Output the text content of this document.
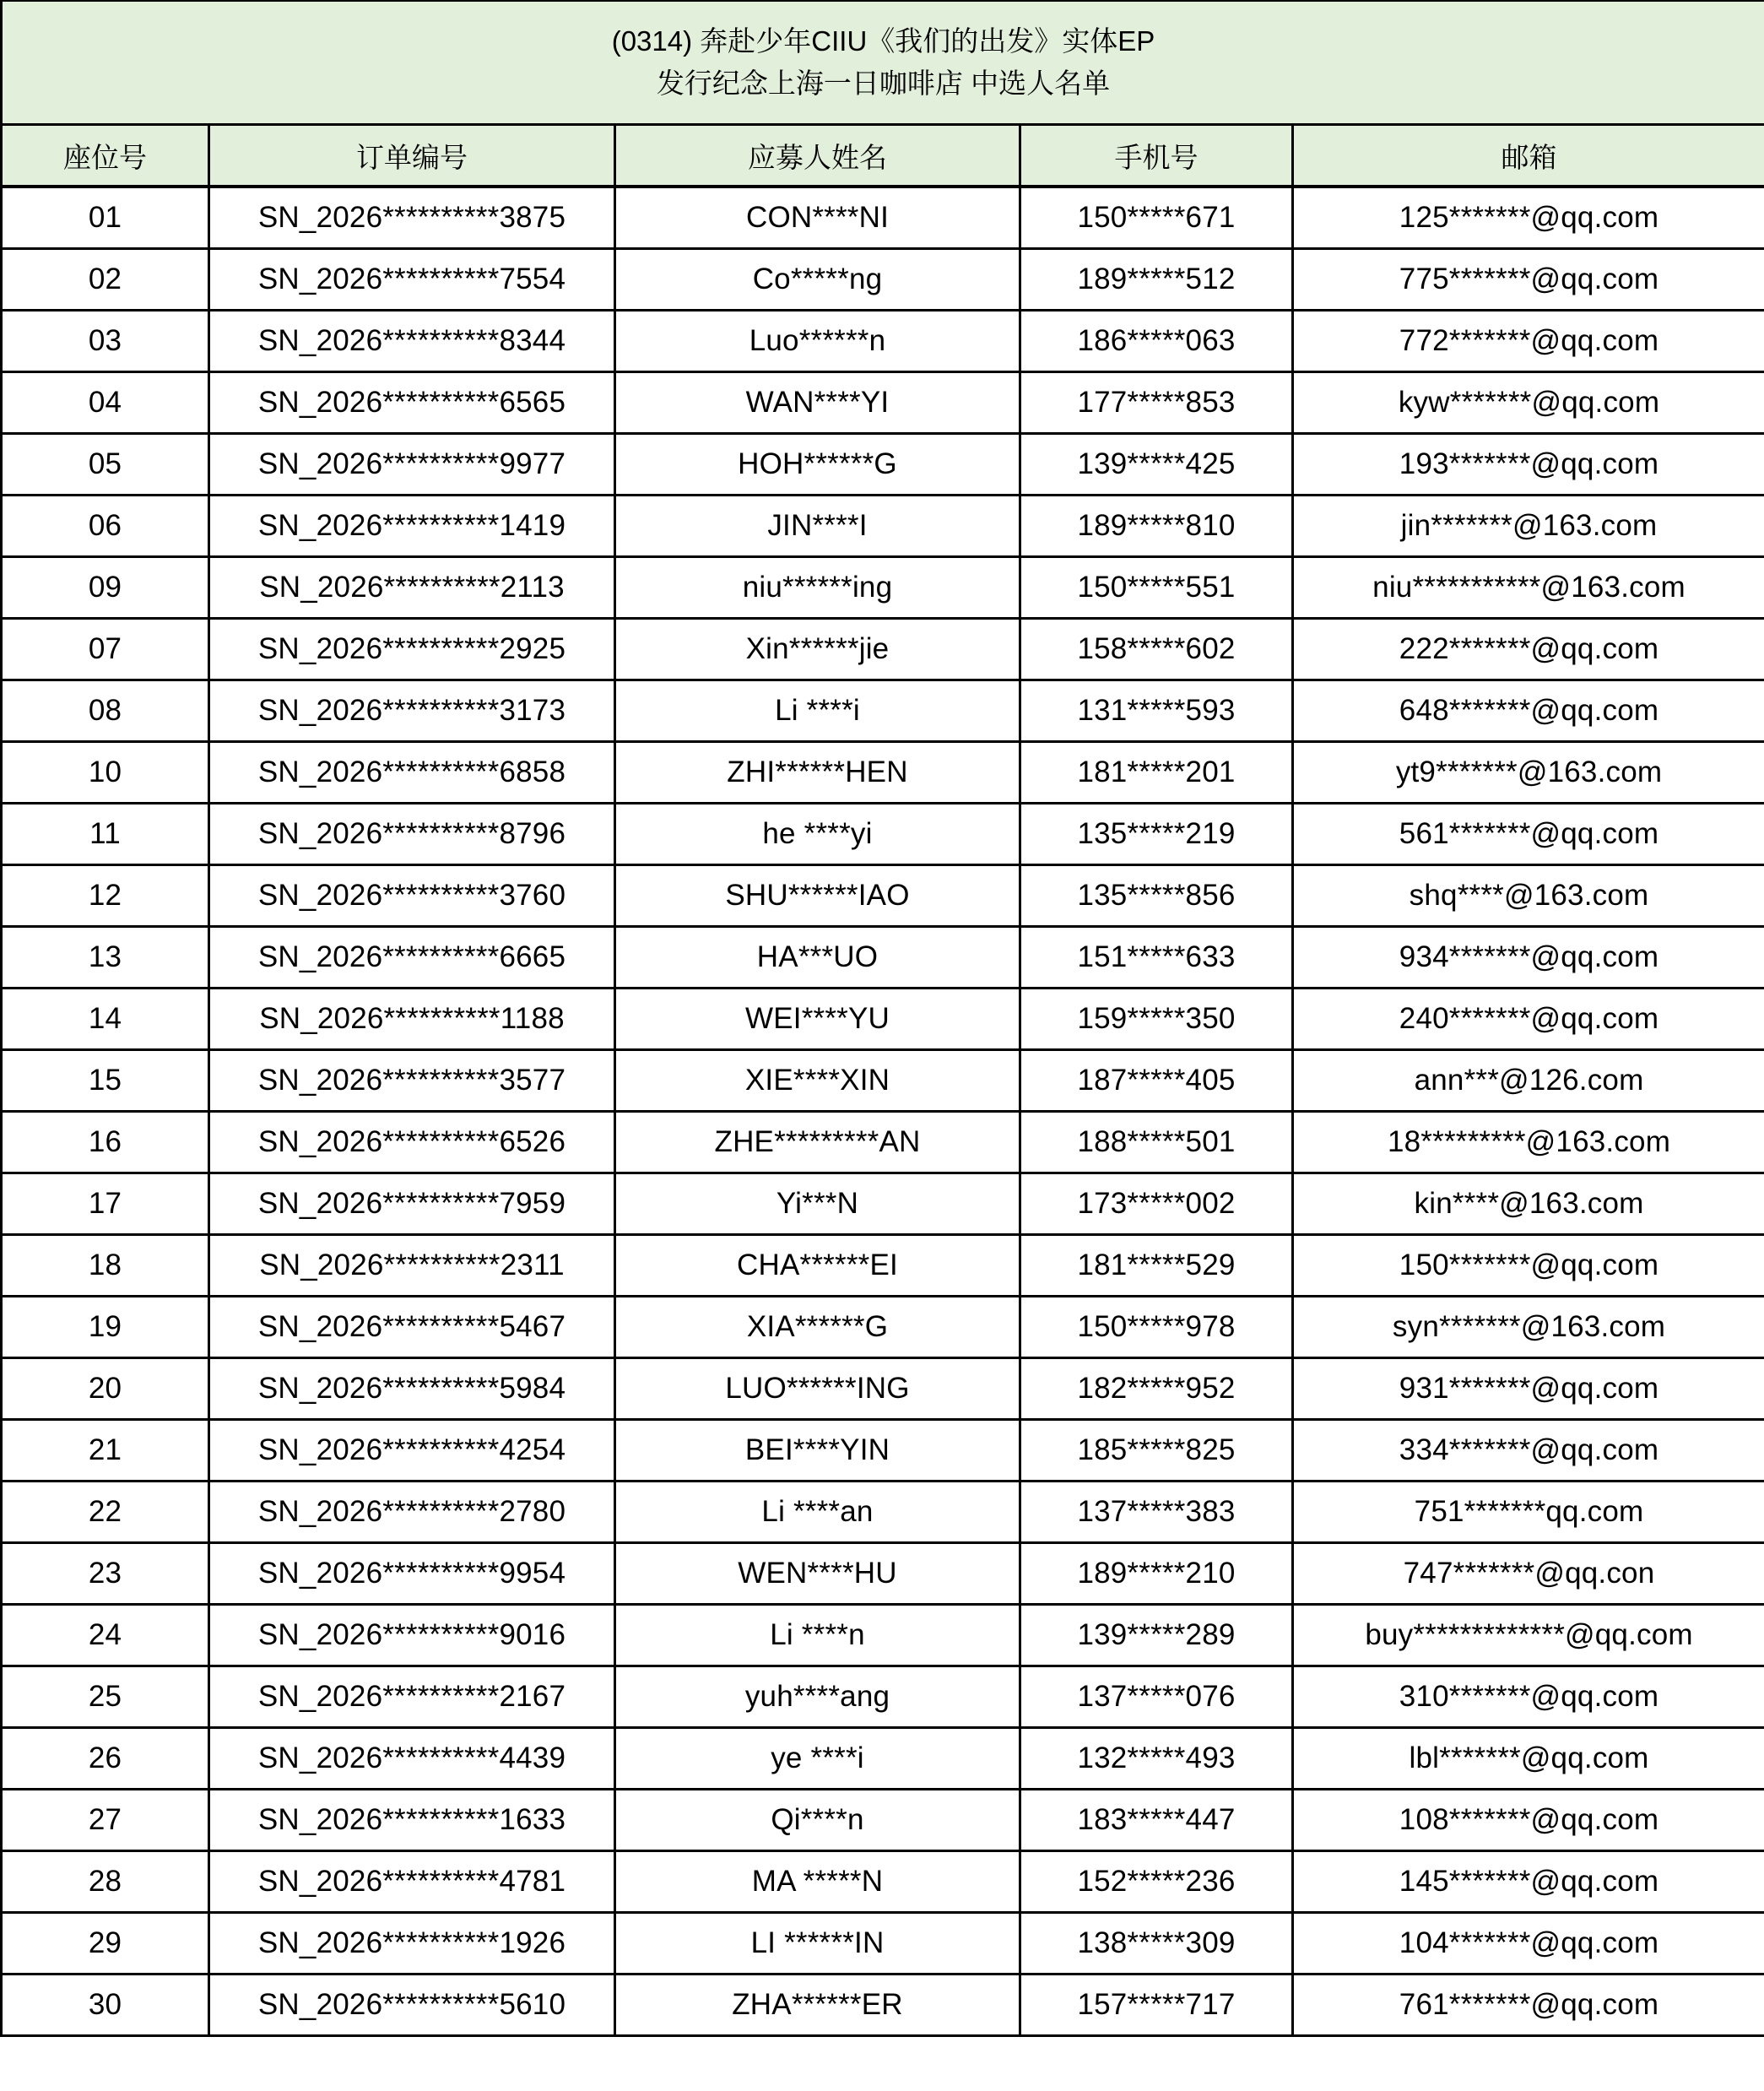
(0314) 奔赴少年CIIU《我们的出发》实体EP
发行纪念上海一日咖啡店 中选人名单				

座位号	订单编号	应募人姓名	手机号	邮箱
01	SN_2026**********3875	CON****NI	150*****671	125*******@qq.com
02	SN_2026**********7554	Co*****ng	189*****512	775*******@qq.com
03	SN_2026**********8344	Luo******n	186*****063	772*******@qq.com
04	SN_2026**********6565	WAN****YI	177*****853	kyw*******@qq.com
05	SN_2026**********9977	HOH******G	139*****425	193*******@qq.com
06	SN_2026**********1419	JIN****I	189*****810	jin*******@163.com
09	SN_2026**********2113	niu******ing	150*****551	niu***********@163.com
07	SN_2026**********2925	Xin******jie	158*****602	222*******@qq.com
08	SN_2026**********3173	Li ****i	131*****593	648*******@qq.com
10	SN_2026**********6858	ZHI******HEN	181*****201	yt9*******@163.com
11	SN_2026**********8796	he ****yi	135*****219	561*******@qq.com
12	SN_2026**********3760	SHU******IAO	135*****856	shq****@163.com
13	SN_2026**********6665	HA***UO	151*****633	934*******@qq.com
14	SN_2026**********1188	WEI****YU	159*****350	240*******@qq.com
15	SN_2026**********3577	XIE****XIN	187*****405	ann***@126.com
16	SN_2026**********6526	ZHE*********AN	188*****501	18*********@163.com
17	SN_2026**********7959	Yi***N	173*****002	kin****@163.com
18	SN_2026**********2311	CHA******EI	181*****529	150*******@qq.com
19	SN_2026**********5467	XIA******G	150*****978	syn*******@163.com
20	SN_2026**********5984	LUO******ING	182*****952	931*******@qq.com
21	SN_2026**********4254	BEI****YIN	185*****825	334*******@qq.com
22	SN_2026**********2780	Li ****an	137*****383	751*******qq.com
23	SN_2026**********9954	WEN****HU	189*****210	747*******@qq.con
24	SN_2026**********9016	Li ****n	139*****289	buy*************@qq.com
25	SN_2026**********2167	yuh****ang	137*****076	310*******@qq.com
26	SN_2026**********4439	ye ****i	132*****493	lbl*******@qq.com
27	SN_2026**********1633	Qi****n	183*****447	108*******@qq.com
28	SN_2026**********4781	MA *****N	152*****236	145*******@qq.com
29	SN_2026**********1926	LI ******IN	138*****309	104*******@qq.com
30	SN_2026**********5610	ZHA******ER	157*****717	761*******@qq.com
